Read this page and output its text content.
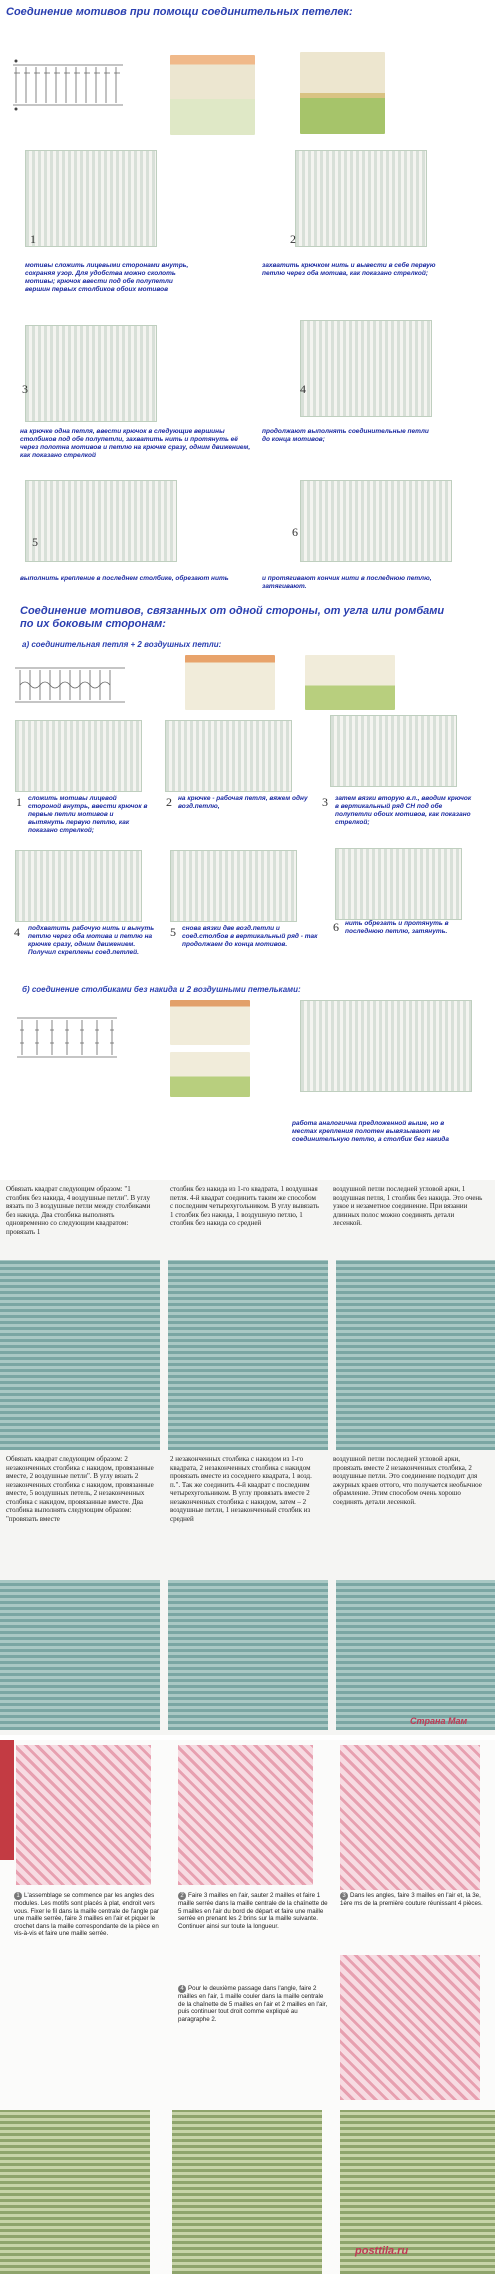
Соединение мотивов при помощи соединительных петелек:
1	2
мотивы сложить лицевыми сторонами внутрь, сохраняя узор. Для удобства можно сколоть мотивы; крючок ввести под обе полупетли вершин первых столбиков обоих мотивов
захватить крючком нить и вывести в себе первую петлю через оба мотива, как показано стрелкой;
3	4
на крючке одна петля, ввести крючок в следующие вершины столбиков под обе полупетли, захватить нить и протянуть её через полотна мотивов и петлю на крючке сразу, одним движением, как показано стрелкой
продолжают выполнять соединительные петли до конца мотивов;
5
6
выполнить крепление в последнем столбике, обрезают нить	и протягивают кончик нити в последнюю петлю, затягивают.
Соединение мотивов, связанных от одной стороны, от угла или ромбами по их боковым сторонам:
а) соединительная петля + 2 воздушных петли:
1 сложить мотивы лицевой стороной внутрь, ввести крючок в первые петли мотивов и вытянуть первую петлю, как показано стрелкой;
2 на крючке - рабочая петля, вяжем одну возд.петлю,	3 затем вязки вторую в.п., вводим крючок в вертикальный ряд СН под обе полупетли обоих мотивов, как показано стрелкой;
4 подхватить рабочую нить и вынуть петлю через оба мотива и петлю на крючке сразу, одним движением. Получил скреплены соед.петлей.
5 снова вязки две возд.петли и соед.столбов в вертикальный ряд - так продолжаем до конца мотивов.
6 нить обрезать и протянуть в последнюю петлю, затянуть.
б) соединение столбиками без накида и 2 воздушными петельками:
работа аналогична предложенной выше, но в местах крепления полотен вывязывают не соединительную петлю, а столбик без накида
Обвязать квадрат следующим образом: "1 столбик без накида, 4 воздушные петли". В углу вязать по 3 воздушные петли между столбиками без накида. Два столбика выполнять одновременно со следующим квадратом: провязать 1
столбик без накида из 1-го квадрата, 1 воздушная петля. 4-й квадрат соединить таким же способом с последним четырехугольником. В углу вывязать 1 столбик без накида, 1 воздушную петлю, 1 столбик без накида со средней
воздушной петли последней угловой арки, 1 воздушная петля, 1 столбик без накида. Это очень узкое и незаметное соединение. При вязании длинных полос можно соединять детали лесенкой.
Обвязать квадрат следующим образом: 2 незаконченных столбика с накидом, провязанные вместе, 2 воздушные петли". В углу вязать 2 незаконченных столбика с накидом, провязанные вместе, 5 воздушных петель, 2 незаконченных столбика с накидом, провязанные вместе. Два столбика выполнять следующим образом: "провязать вместе
2 незаконченных столбика с накидом из 1-го квадрата, 2 незаконченных столбика с накидом провязать вместе из соседнего квадрата, 1 возд. п.". Так же соединить 4-й квадрат с последним четырехугольником. В углу провязать вместе 2 незаконченных столбика с накидом, затем – 2 воздушные петли, 1 незаконченный столбик из средней
воздушной петли последней угловой арки, провязать вместе 2 незаконченных столбика, 2 воздушные петли. Это соединение подходит для ажурных краев оттого, что получается необычное обрамление. Этим способом очень хорошо соединять детали лесенкой.
Страна Мам
1 L'assemblage se commence par les angles des modules. Les motifs sont placés à plat, endroit vers vous. Fixer le fil dans la maille centrale de l'angle par une maille serrée, faire 3 mailles en l'air et piquer le crochet dans la maille correspondante de la pièce en vis-à-vis et faire une maille serrée.
2 Faire 3 mailles en l'air, sauter 2 mailles et faire 1 maille serrée dans la maille centrale de la chaînette de 5 mailles en l'air du bord de départ et faire une maille serrée en prenant les 2 brins sur la maille suivante. Continuer ainsi sur toute la longueur.
3 Dans les angles, faire 3 mailles en l'air et, la 3e, 1ère ms de la première couture réunissant 4 pièces.
4 Pour le deuxième passage dans l'angle, faire 2 mailles en l'air, 1 maille couler dans la maille centrale de la chaînette de 5 mailles en l'air et 2 mailles en l'air, puis continuer tout droit comme expliqué au paragraphe 2.
posttila.ru
